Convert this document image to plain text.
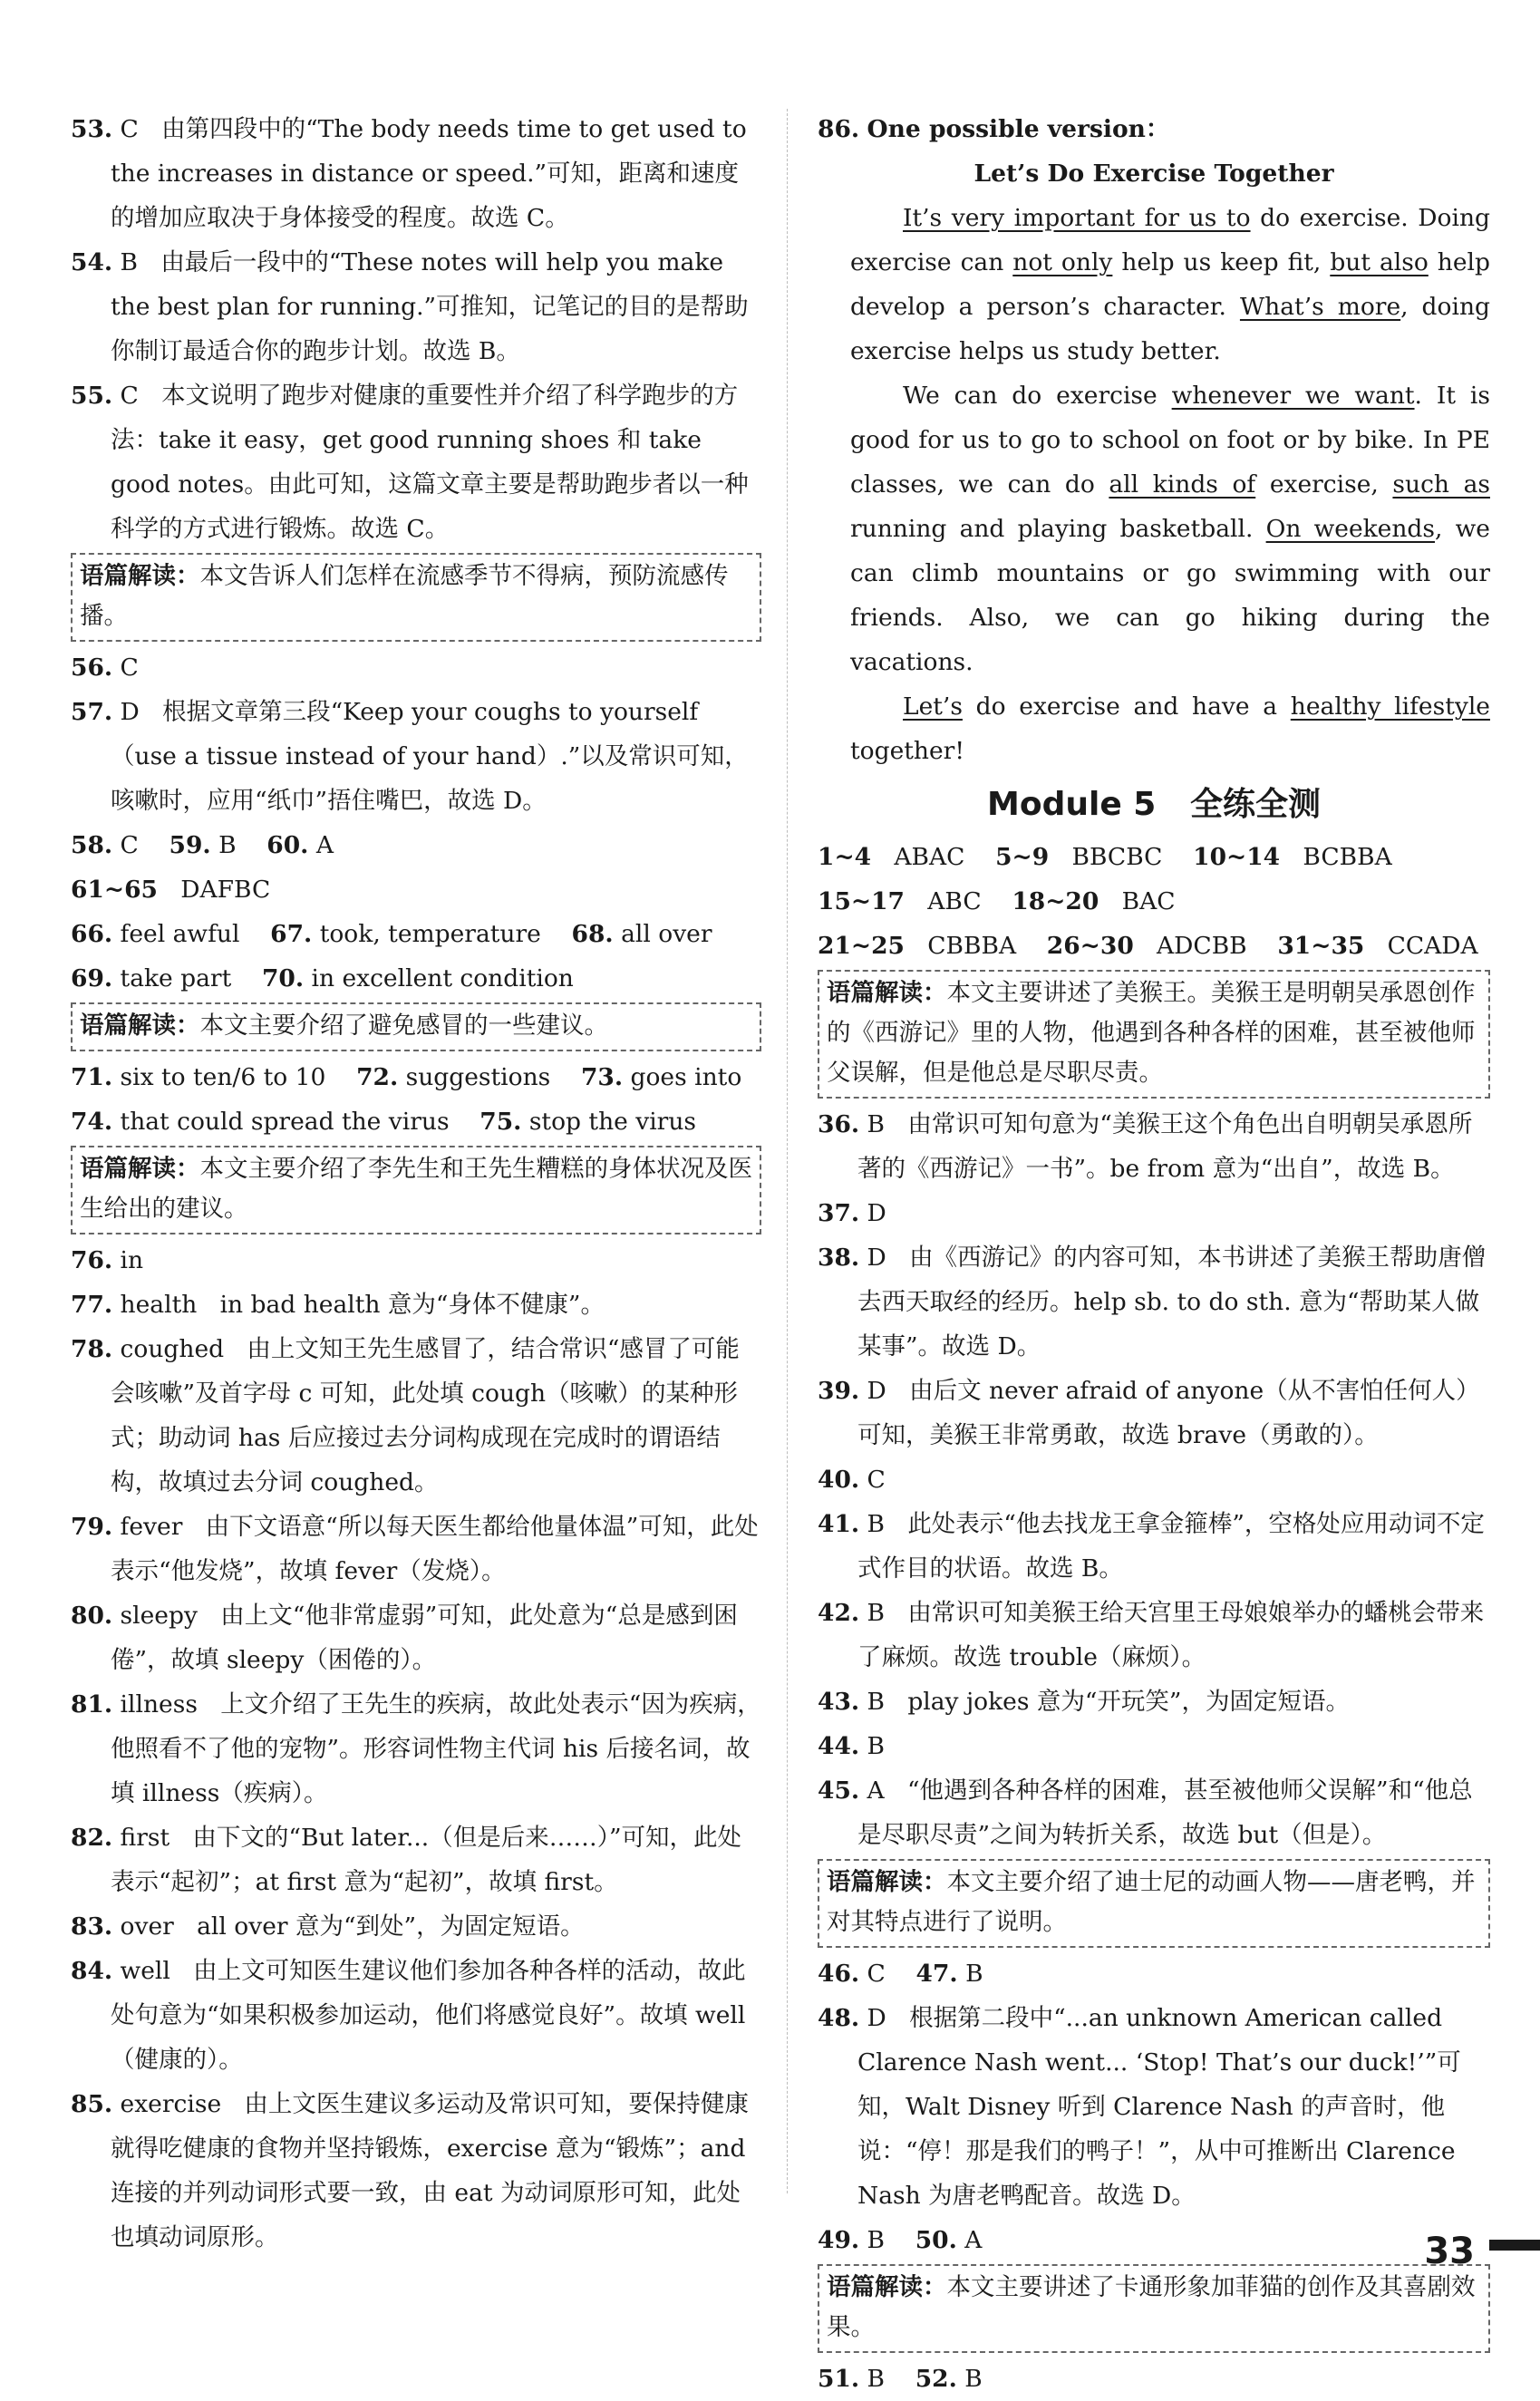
53. C 由第四段中的“The body needs time to get used to the increases in distance or speed.”可知，距离和速度的增加应取决于身体接受的程度。故选 C。

54. B 由最后一段中的“These notes will help you make the best plan for running.”可推知，记笔记的目的是帮助你制订最适合你的跑步计划。故选 B。

55. C 本文说明了跑步对健康的重要性并介绍了科学跑步的方法：take it easy，get good running shoes 和 take good notes。由此可知，这篇文章主要是帮助跑步者以一种科学的方式进行锻炼。故选 C。

语篇解读：本文告诉人们怎样在流感季节不得病，预防流感传播。

56. C

57. D 根据文章第三段“Keep your coughs to yourself（use a tissue instead of your hand）.”以及常识可知，咳嗽时，应用“纸巾”捂住嘴巴，故选 D。

58. C 59. B 60. A

61~65 DAFBC

66. feel awful 67. took, temperature 68. all over

69. take part 70. in excellent condition

语篇解读：本文主要介绍了避免感冒的一些建议。

71. six to ten/6 to 10 72. suggestions 73. goes into

74. that could spread the virus 75. stop the virus

语篇解读：本文主要介绍了李先生和王先生糟糕的身体状况及医生给出的建议。

76. in

77. health in bad health 意为“身体不健康”。

78. coughed 由上文知王先生感冒了，结合常识“感冒了可能会咳嗽”及首字母 c 可知，此处填 cough（咳嗽）的某种形式；助动词 has 后应接过去分词构成现在完成时的谓语结构，故填过去分词 coughed。

79. fever 由下文语意“所以每天医生都给他量体温”可知，此处表示“他发烧”，故填 fever（发烧）。

80. sleepy 由上文“他非常虚弱”可知，此处意为“总是感到困倦”，故填 sleepy（困倦的）。

81. illness 上文介绍了王先生的疾病，故此处表示“因为疾病，他照看不了他的宠物”。形容词性物主代词 his 后接名词，故填 illness（疾病）。

82. first 由下文的“But later...（但是后来……）”可知，此处表示“起初”；at first 意为“起初”，故填 first。

83. over all over 意为“到处”，为固定短语。

84. well 由上文可知医生建议他们参加各种各样的活动，故此处句意为“如果积极参加运动，他们将感觉良好”。故填 well（健康的）。

85. exercise 由上文医生建议多运动及常识可知，要保持健康就得吃健康的食物并坚持锻炼，exercise 意为“锻炼”；and 连接的并列动词形式要一致，由 eat 为动词原形可知，此处也填动词原形。

86. One possible version：

Let’s Do Exercise Together

It’s very important for us to do exercise. Doing exercise can not only help us keep fit, but also help develop a person’s character. What’s more, doing exercise helps us study better.

We can do exercise whenever we want. It is good for us to go to school on foot or by bike. In PE classes, we can do all kinds of exercise, such as running and playing basketball. On weekends, we can climb mountains or go swimming with our friends. Also, we can go hiking during the vacations.

Let’s do exercise and have a healthy lifestyle together!

Module 5 全练全测

1~4 ABAC 5~9 BBCBC 10~14 BCBBA

15~17 ABC 18~20 BAC

21~25 CBBBA 26~30 ADCBB 31~35 CCADA

语篇解读：本文主要讲述了美猴王。美猴王是明朝吴承恩创作的《西游记》里的人物，他遇到各种各样的困难，甚至被他师父误解，但是他总是尽职尽责。

36. B 由常识可知句意为“美猴王这个角色出自明朝吴承恩所著的《西游记》一书”。be from 意为“出自”，故选 B。

37. D

38. D 由《西游记》的内容可知，本书讲述了美猴王帮助唐僧去西天取经的经历。help sb. to do sth. 意为“帮助某人做某事”。故选 D。

39. D 由后文 never afraid of anyone（从不害怕任何人）可知，美猴王非常勇敢，故选 brave（勇敢的）。

40. C

41. B 此处表示“他去找龙王拿金箍棒”，空格处应用动词不定式作目的状语。故选 B。

42. B 由常识可知美猴王给天宫里王母娘娘举办的蟠桃会带来了麻烦。故选 trouble（麻烦）。

43. B play jokes 意为“开玩笑”，为固定短语。

44. B

45. A “他遇到各种各样的困难，甚至被他师父误解”和“他总是尽职尽责”之间为转折关系，故选 but（但是）。

语篇解读：本文主要介绍了迪士尼的动画人物——唐老鸭，并对其特点进行了说明。

46. C 47. B

48. D 根据第二段中“...an unknown American called Clarence Nash went... ‘Stop! That’s our duck!’”可知，Walt Disney 听到 Clarence Nash 的声音时，他说：“停！那是我们的鸭子！”，从中可推断出 Clarence Nash 为唐老鸭配音。故选 D。

49. B 50. A

语篇解读：本文主要讲述了卡通形象加菲猫的创作及其喜剧效果。

51. B 52. B

33
